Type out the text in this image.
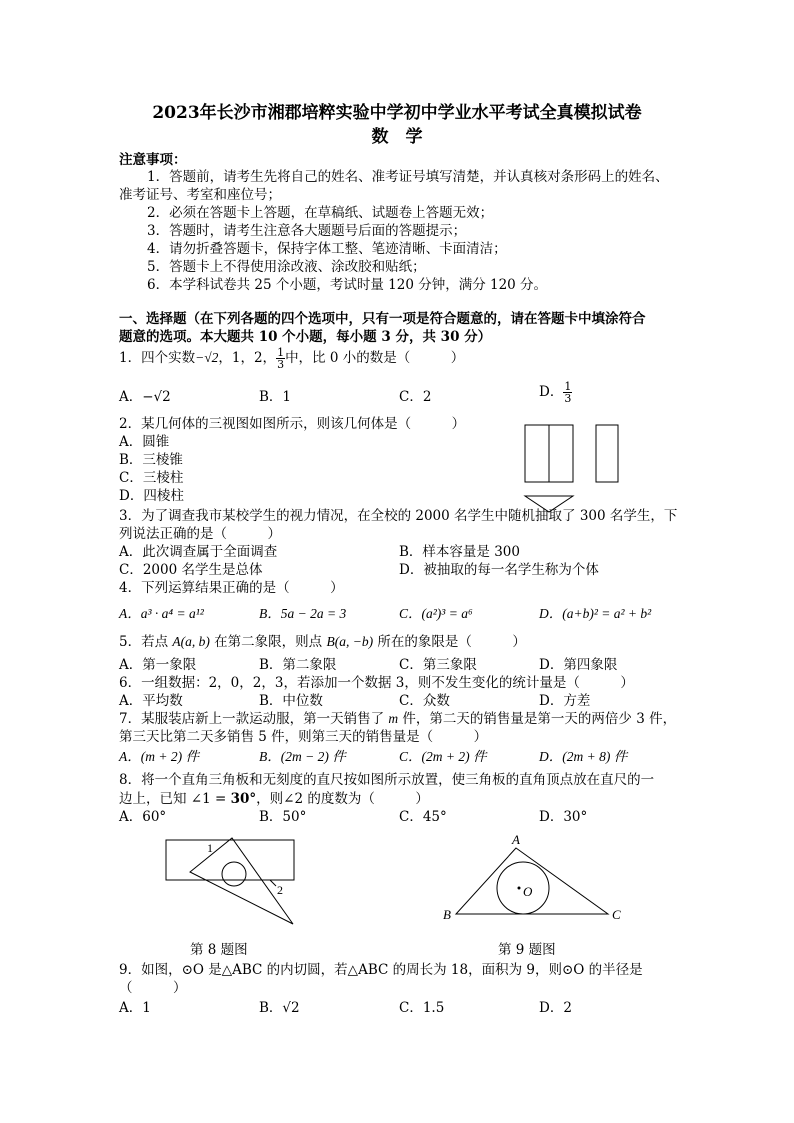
2023年长沙市湘郡培粹实验中学初中学业水平考试全真模拟试卷
数　学
注意事项：
1．答题前，请考生先将自己的姓名、准考证号填写清楚，并认真核对条形码上的姓名、
准考证号、考室和座位号；
2．必须在答题卡上答题，在草稿纸、试题卷上答题无效；
3．答题时，请考生注意各大题题号后面的答题提示；
4．请勿折叠答题卡，保持字体工整、笔迹清晰、卡面清洁；
5．答题卡上不得使用涂改液、涂改胶和贴纸；
6．本学科试卷共 25 个小题，考试时量 120 分钟，满分 120 分。
一、选择题（在下列各题的四个选项中，只有一项是符合题意的，请在答题卡中填涂符合
题意的选项。本大题共 10 个小题，每小题 3 分，共 30 分）
1．四个实数−√2，1，2， $\frac{1}{3}$ 中，比 0 小的数是（　　　）
A．−√2	B．1	C．2	D． $\frac{1}{3}$
2．某几何体的三视图如图所示，则该几何体是（　　　）
A．圆锥
B．三棱锥
C．三棱柱
D．四棱柱
3．为了调查我市某校学生的视力情况，在全校的 2000 名学生中随机抽取了 300 名学生，下
列说法正确的是（　　　）
A．此次调查属于全面调查	B．样本容量是 300
C．2000 名学生是总体	D．被抽取的每一名学生称为个体
4．下列运算结果正确的是（　　　）
A．a³ · a⁴ = a¹²	B．5a − 2a = 3	C．(a²)³ = a⁶	D．(a+b)² = a² + b²
5．若点 A(a, b) 在第二象限，则点 B(a, −b) 所在的象限是（　　　）
A．第一象限	B．第二象限	C．第三象限	D．第四象限
6．一组数据：2，0，2，3，若添加一个数据 3，则不发生变化的统计量是（　　　）
A．平均数	B．中位数	C．众数	D．方差
7．某服装店新上一款运动服，第一天销售了 m 件，第二天的销售量是第一天的两倍少 3 件，
第三天比第二天多销售 5 件，则第三天的销售量是（　　　）
A．(m + 2) 件	B．(2m − 2) 件	C．(2m + 2) 件	D．(2m + 8) 件
8．将一个直角三角板和无刻度的直尺按如图所示放置，使三角板的直角顶点放在直尺的一
边上，已知 ∠1 = 30°，则∠2 的度数为（　　　）
A．60°	B．50°	C．45°	D．30°
1
2
第 8 题图
A
B	C
O
第 9 题图
9．如图，⊙O 是△ABC 的内切圆，若△ABC 的周长为 18，面积为 9，则⊙O 的半径是
（　　　）
A．1	B．√2	C．1.5	D．2
